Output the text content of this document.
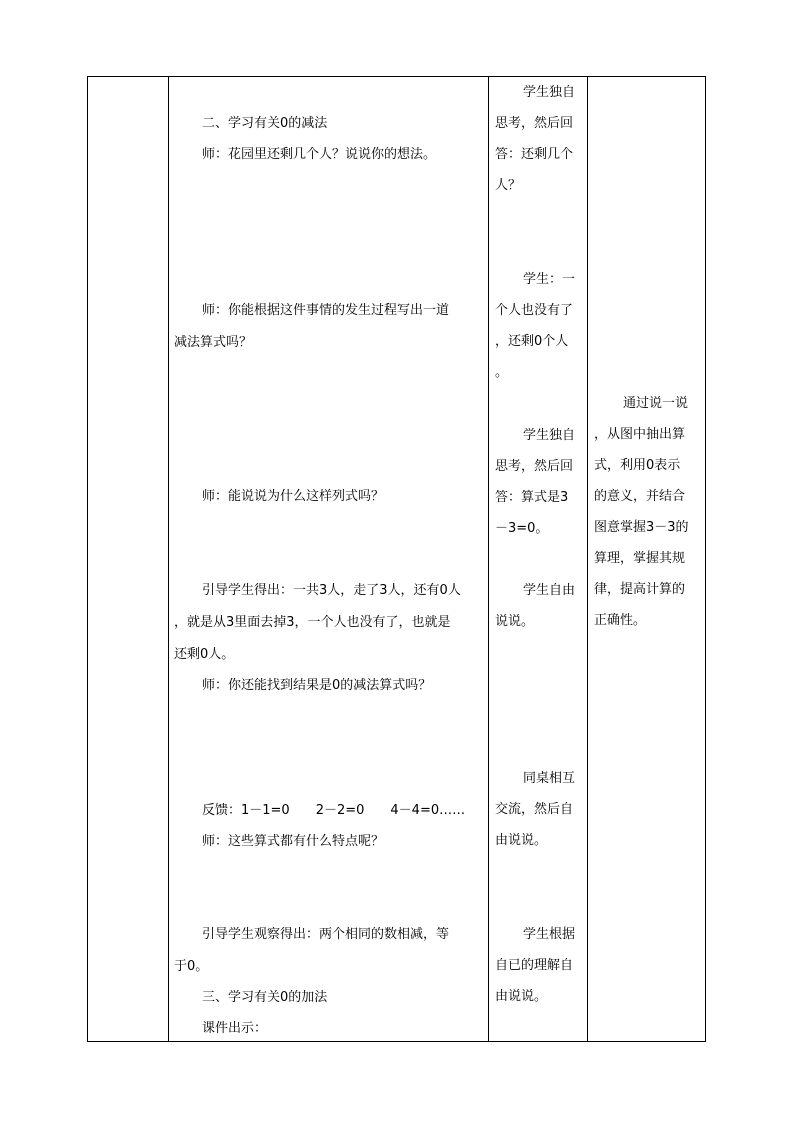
二、学习有关0的减法
师：花园里还剩几个人？说说你的想法。
师：你能根据这件事情的发生过程写出一道
减法算式吗？
师：能说说为什么这样列式吗？
引导学生得出：一共3人，走了3人，还有0人
，就是从3里面去掉3，一个人也没有了，也就是
还剩0人。
师：你还能找到结果是0的减法算式吗？
反馈：1－1=0　　2－2=0　　4－4=0……
师：这些算式都有什么特点呢？
引导学生观察得出：两个相同的数相减，等
于0。
三、学习有关0的加法
课件出示：
学生独自
思考，然后回
答：还剩几个
人？
学生：一
个人也没有了
，还剩0个人
。
学生独自
思考，然后回
答：算式是3
－3=0。
学生自由
说说。
同桌相互
交流，然后自
由说说。
学生根据
自已的理解自
由说说。
通过说一说
，从图中抽出算
式，利用0表示
的意义，并结合
图意掌握3－3的
算理，掌握其规
律，提高计算的
正确性。
